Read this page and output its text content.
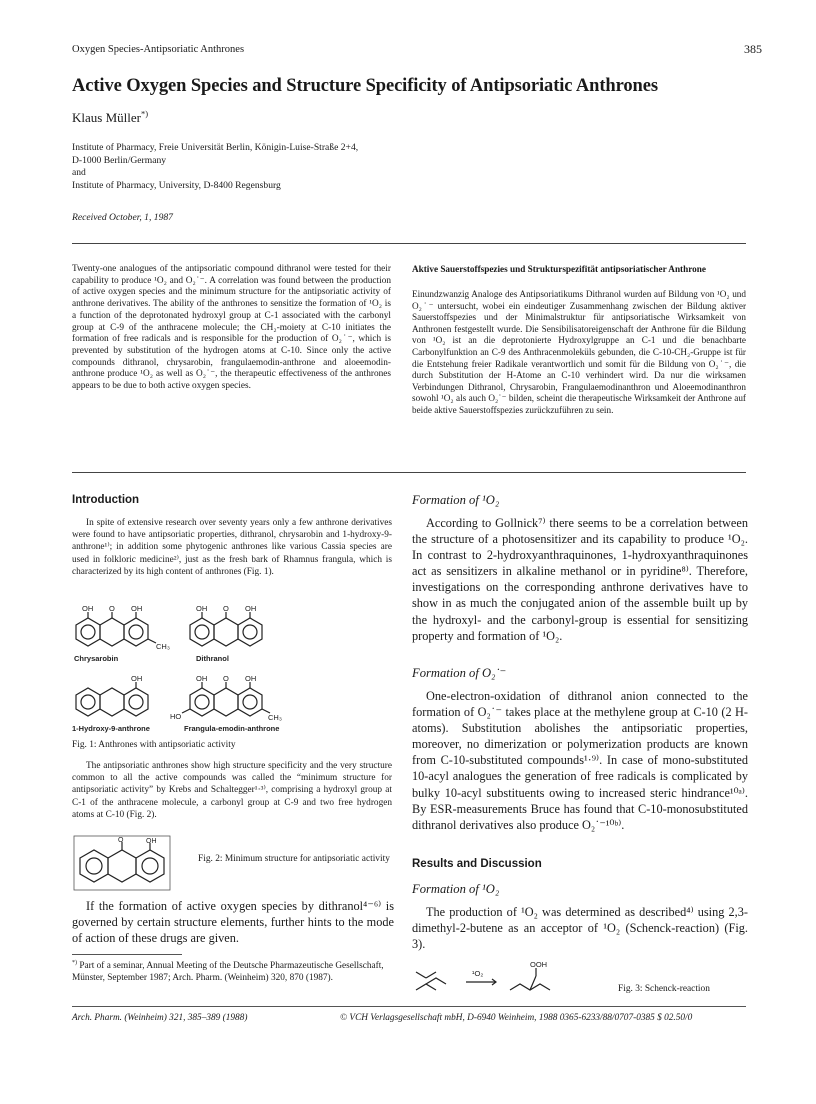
Oxygen Species-Antipsoriatic Anthrones	385
Active Oxygen Species and Structure Specificity of Antipsoriatic Anthrones
Klaus Müller*)
Institute of Pharmacy, Freie Universität Berlin, Königin-Luise-Straße 2+4,
D-1000 Berlin/Germany
and
Institute of Pharmacy, University, D-8400 Regensburg
Received October, 1, 1987
Twenty-one analogues of the antipsoriatic compound dithranol were tested for their capability to produce ¹O₂ and O₂˙⁻. A correlation was found between the production of active oxygen species and the minimum structure for the antipsoriatic activity of anthrone derivatives. The ability of the anthrones to sensitize the formation of ¹O₂ is a function of the deprotonated hydroxyl group at C-1 associated with the carbonyl group at C-9 of the anthracene molecule; the CH₂-moiety at C-10 initiates the formation of free radicals and is responsible for the production of O₂˙⁻, which is prevented by substitution of the hydrogen atoms at C-10. Since only the active compounds dithranol, chrysarobin, frangulaemodin-anthrone and aloeemodin-anthrone produce ¹O₂ as well as O₂˙⁻, the therapeutic effectiveness of the anthrones appears to be due to both active oxygen species.
Aktive Sauerstoffspezies und Strukturspezifität antipsoriatischer Anthrone
Einundzwanzig Analoge des Antipsoriatikums Dithranol wurden auf Bildung von ¹O₂ und O₂˙⁻ untersucht, wobei ein eindeutiger Zusammenhang zwischen der Bildung aktiver Sauerstoffspezies und der Minimalstruktur für antipsoriatische Wirksamkeit von Anthronen festgestellt wurde. Die Sensibilisatoreigenschaft der Anthrone für die Bildung von ¹O₂ ist an die deprotonierte Hydroxylgruppe an C-1 und die benachbarte Carbonylfunktion an C-9 des Anthracenmoleküls gebunden, die C-10-CH₂-Gruppe ist für die Entstehung freier Radikale verantwortlich und somit für die Bildung von O₂˙⁻, die durch Substitution der H-Atome an C-10 verhindert wird. Da nur die wirksamen Verbindungen Dithranol, Chrysarobin, Frangulaemodinanthron und Aloeemodinanthron sowohl ¹O₂ als auch O₂˙⁻ bilden, scheint die therapeutische Wirksamkeit der Anthrone auf beide aktive Sauerstoffspezies zurückzuführen zu sein.
Introduction

In spite of extensive research over seventy years only a few anthrone derivatives were found to have antipsoriatic properties, dithranol, chrysarobin and 1-hydroxy-9-anthrone¹⁾; in addition some phytogenic anthrones like various Cassia species are used in folkloric medicine²⁾, just as the fresh bark of Rhamnus frangula, which is characterized by its high content of anthrones (Fig. 1).

OH O OH
CH₃
OH O OH
OH	OH O OH
HO	CH₃
Chrysarobin	Dithranol
1-Hydroxy-9-anthrone	Frangula-emodin-anthrone
Fig. 1: Anthrones with antipsoriatic activity

The antipsoriatic anthrones show high structure specificity and the very structure common to all the active compounds was called the “minimum structure for antipsoriatic activity” by Krebs and Schaltegger¹·³⁾, comprising a hydroxyl group at C-1 of the anthracene molecule, a carbonyl group at C-9 and two free hydrogen atoms at C-10 (Fig. 2).

O	OH
Fig. 2: Minimum structure for antipsoriatic activity

If the formation of active oxygen species by dithranol⁴⁻⁶⁾ is governed by certain structure elements, further hints to the mode of action of these drugs are given.

*) Part of a seminar, Annual Meeting of the Deutsche Pharmazeutische Gesellschaft, Münster, September 1987; Arch. Pharm. (Weinheim) 320, 870 (1987).
Formation of ¹O₂

According to Gollnick⁷⁾ there seems to be a correlation between the structure of a photosensitizer and its capability to produce ¹O₂. In contrast to 2-hydroxyanthraquinones, 1-hydroxyanthraquinones act as sensitizers in alkaline methanol or in pyridine⁸⁾. Therefore, investigations on the corresponding anthrone derivatives have to show in as much the conjugated anion of the assemble built up by the hydroxyl- and the carbonyl-group is essential for sensitizing property and formation of ¹O₂.

Formation of O₂˙⁻

One-electron-oxidation of dithranol anion connected to the formation of O₂˙⁻ takes place at the methylene group at C-10 (2 H-atoms). Substitution abolishes the antipsoriatic properties, moreover, no dimerization or polymerization products are known from C-10-substituted compounds¹·⁹⁾. In case of mono-substituted 10-acyl analogues the generation of free radicals is complicated by bulky 10-acyl substituents owing to increased steric hindrance¹⁰ᵃ⁾. By ESR-measurements Bruce has found that C-10-monosubstituted dithranol derivatives also produce O₂˙⁻¹⁰ᵇ⁾.

Results and Discussion
Formation of ¹O₂

The production of ¹O₂ was determined as described⁴⁾ using 2,3-dimethyl-2-butene as an acceptor of ¹O₂ (Schenck-reaction) (Fig. 3).

¹O₂
OOH
Fig. 3: Schenck-reaction
Arch. Pharm. (Weinheim) 321, 385–389 (1988)	© VCH Verlagsgesellschaft mbH, D-6940 Weinheim, 1988 0365-6233/88/0707-0385 $ 02.50/0
